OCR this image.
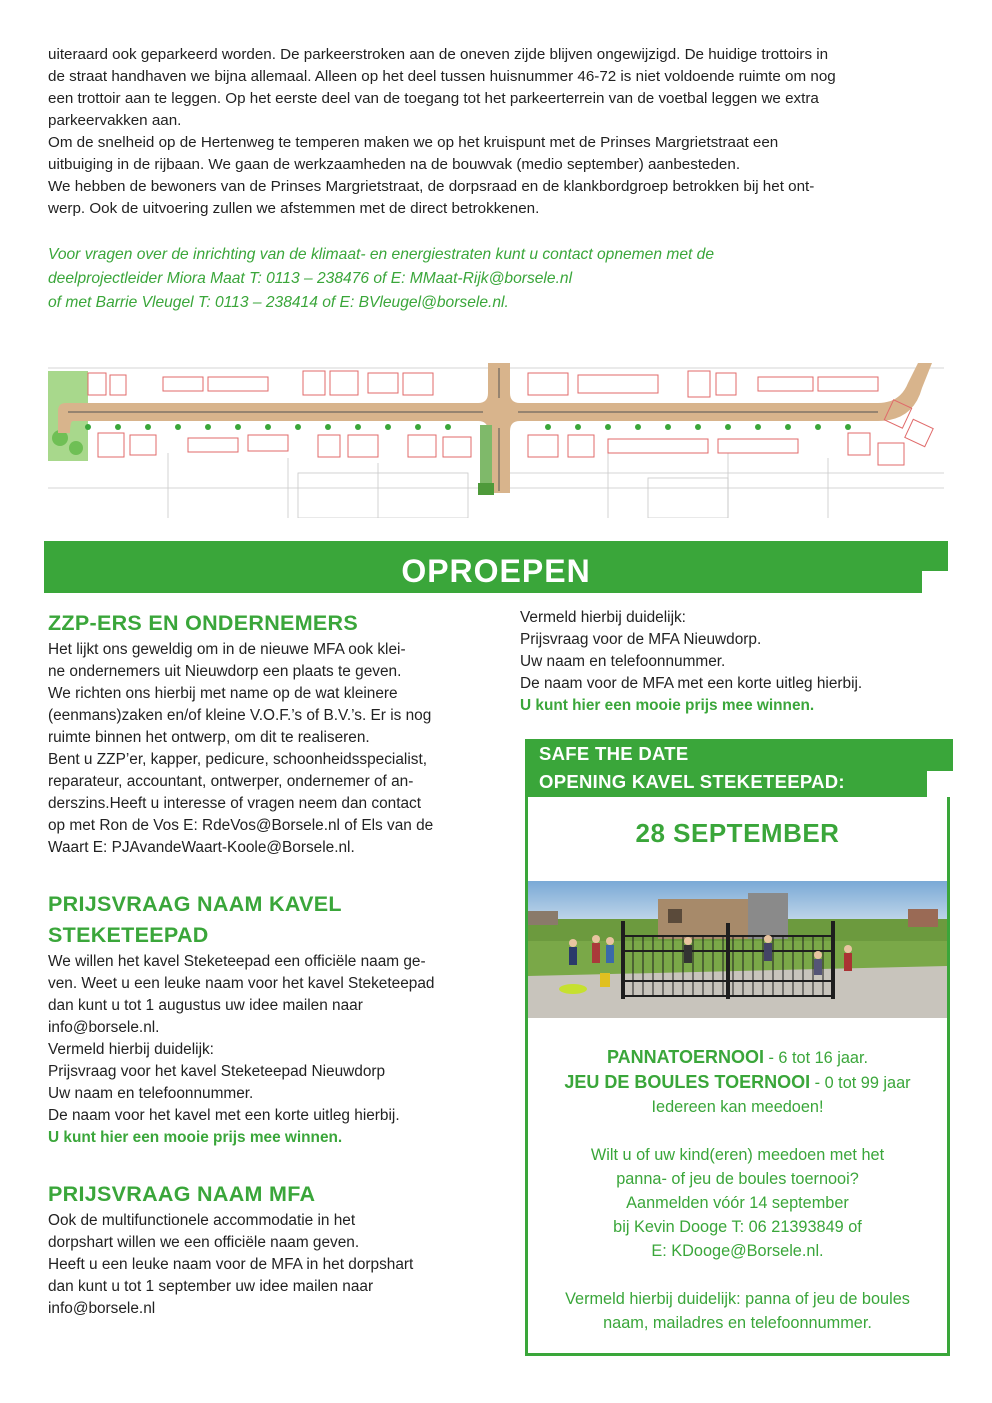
uiteraard ook geparkeerd worden. De parkeerstroken aan de oneven zijde blijven ongewijzigd. De huidige trottoirs in

de straat handhaven we bijna allemaal. Alleen op het deel tussen huisnummer 46-72 is niet voldoende ruimte om nog

een trottoir aan te leggen. Op het eerste deel van de toegang tot het parkeerterrein van de voetbal leggen we extra

parkeervakken aan.

Om de snelheid op de Hertenweg te temperen maken we op het kruispunt met de Prinses Margrietstraat een

uitbuiging in de rijbaan. We gaan de werkzaamheden na de bouwvak (medio september) aanbesteden.

We hebben de bewoners van de Prinses Margrietstraat, de dorpsraad en de klankbordgroep betrokken bij het ont-

werp. Ook de uitvoering zullen we afstemmen met de direct betrokkenen.

Voor vragen over de inrichting van de klimaat- en energiestraten kunt u contact opnemen met de

deelprojectleider Miora Maat T: 0113 – 238476 of E: MMaat-Rijk@borsele.nl

of met Barrie Vleugel T: 0113 – 238414 of E: BVleugel@borsele.nl.

OPROEPEN
ZZP-ERS EN ONDERNEMERS

Het lijkt ons geweldig om in de nieuwe MFA ook klei-

ne ondernemers uit Nieuwdorp een plaats te geven.

We richten ons hierbij met name op de wat kleinere

(eenmans)zaken en/of kleine V.O.F.’s of B.V.’s. Er is nog

ruimte binnen het ontwerp, om dit te realiseren.

Bent u ZZP’er, kapper, pedicure, schoonheidsspecialist,

reparateur, accountant, ontwerper, ondernemer of an-

derszins.Heeft u interesse of vragen neem dan contact

op met Ron de Vos E: RdeVos@Borsele.nl of Els van de

Waart E: PJAvandeWaart-Koole@Borsele.nl.

PRIJSVRAAG NAAM KAVEL
STEKETEEPAD

We willen het kavel Steketeepad een officiële naam ge-

ven. Weet u een leuke naam voor het kavel Steketeepad

dan kunt u tot 1 augustus uw idee mailen naar

info@borsele.nl.

Vermeld hierbij duidelijk:

Prijsvraag voor het kavel Steketeepad Nieuwdorp

Uw naam en telefoonnummer.

De naam voor het kavel met een korte uitleg hierbij.

U kunt hier een mooie prijs mee winnen.

PRIJSVRAAG NAAM MFA

Ook de multifunctionele accommodatie in het

dorpshart willen we een officiële naam geven.

Heeft u een leuke naam voor de MFA in het dorpshart

dan kunt u tot 1 september uw idee mailen naar

info@borsele.nl

Vermeld hierbij duidelijk:

Prijsvraag voor de MFA Nieuwdorp.

Uw naam en telefoonnummer.

De naam voor de MFA met een korte uitleg hierbij.

U kunt hier een mooie prijs mee winnen.

SAFE THE DATE
OPENING KAVEL STEKETEEPAD:
28 SEPTEMBER

PANNATOERNOOI - 6 tot 16 jaar.

JEU DE BOULES TOERNOOI - 0 tot 99 jaar

Iedereen kan meedoen!

Wilt u of uw kind(eren) meedoen met het

panna- of jeu de boules toernooi?

Aanmelden vóór 14 september

bij Kevin Dooge T: 06 21393849 of

E: KDooge@Borsele.nl.

Vermeld hierbij duidelijk: panna of jeu de boules

naam, mailadres en telefoonnummer.
